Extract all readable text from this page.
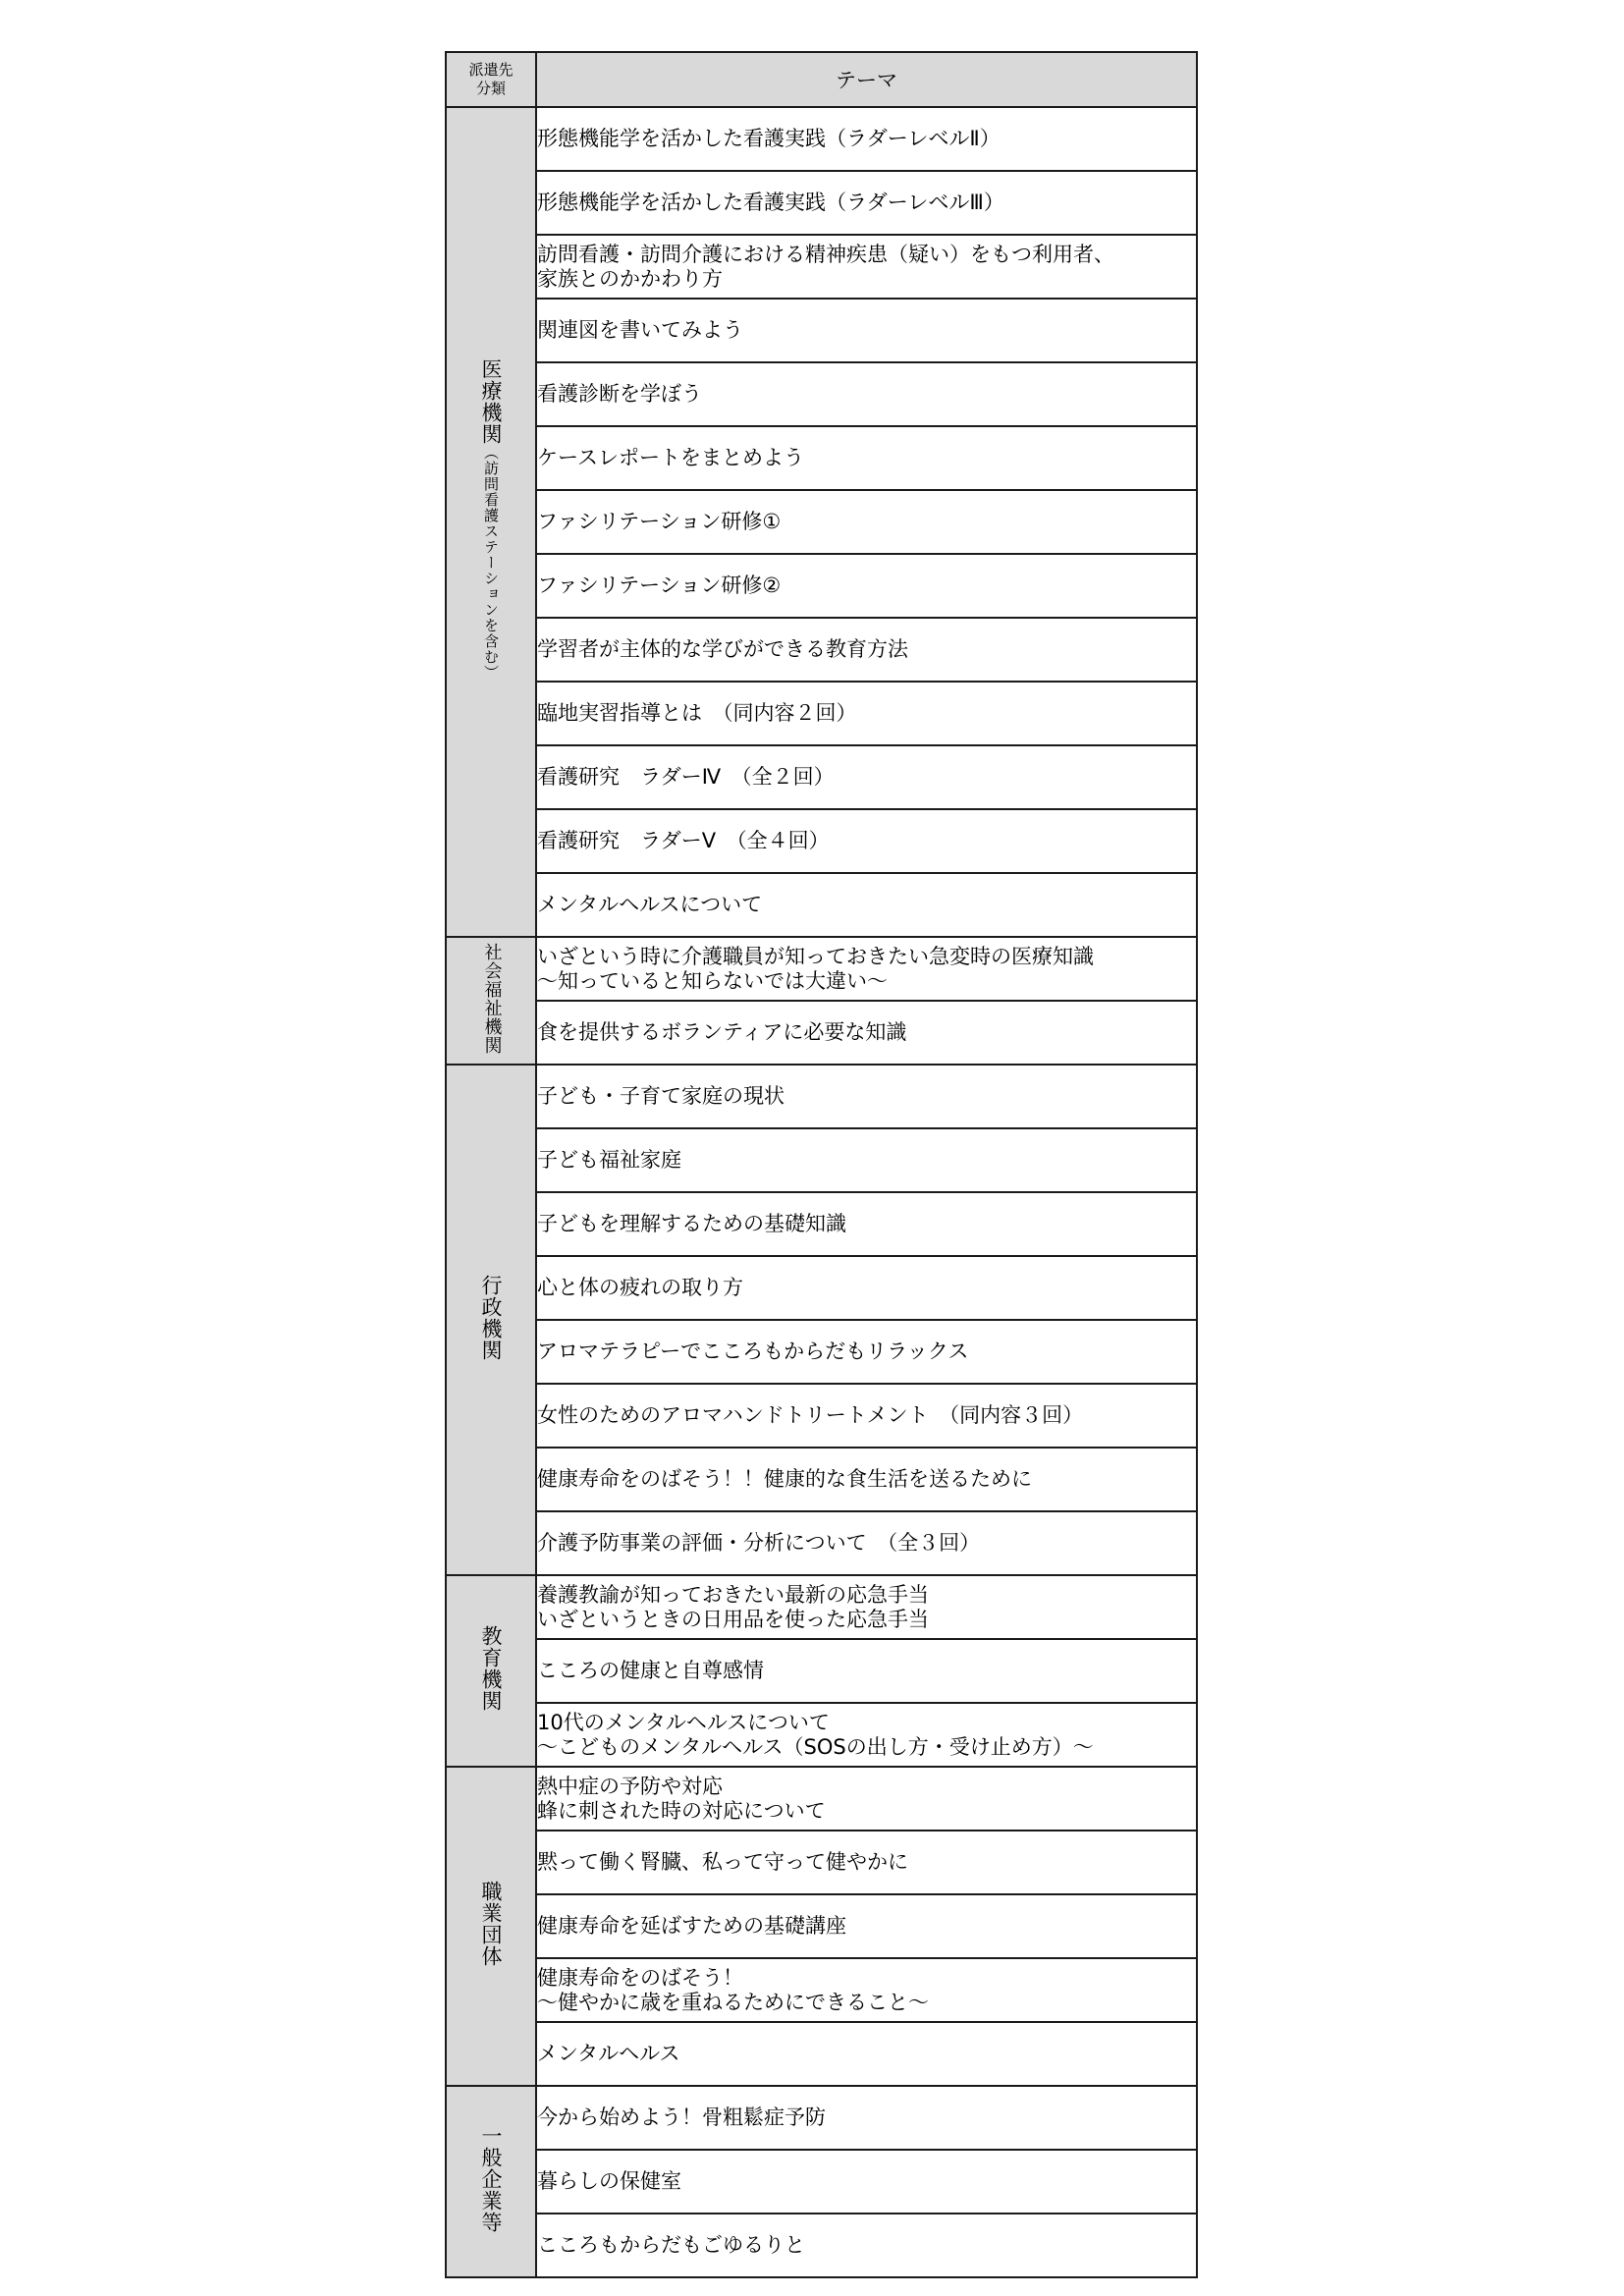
派遣先
分類	テーマ
医療機関（訪問看護ステーションを含む）	形態機能学を活かした看護実践（ラダーレベルⅡ）
	形態機能学を活かした看護実践（ラダーレベルⅢ）
	訪問看護・訪問介護における精神疾患（疑い）をもつ利用者、
家族とのかかわり方
	関連図を書いてみよう
	看護診断を学ぼう
	ケースレポートをまとめよう
	ファシリテーション研修①
	ファシリテーション研修②
	学習者が主体的な学びができる教育方法
	臨地実習指導とは　（同内容２回）
	看護研究　ラダーⅣ　（全２回）
	看護研究　ラダーⅤ　（全４回）
	メンタルヘルスについて
社会福祉機関	いざという時に介護職員が知っておきたい急変時の医療知識
～知っていると知らないでは大違い～
	食を提供するボランティアに必要な知識
行政機関	子ども・子育て家庭の現状
	子ども福祉家庭
	子どもを理解するための基礎知識
	心と体の疲れの取り方
	アロマテラピーでこころもからだもリラックス
	女性のためのアロマハンドトリートメント　（同内容３回）
	健康寿命をのばそう！！健康的な食生活を送るために
	介護予防事業の評価・分析について　（全３回）
教育機関	養護教諭が知っておきたい最新の応急手当
いざというときの日用品を使った応急手当
	こころの健康と自尊感情
	10代のメンタルヘルスについて
～こどものメンタルヘルス（SOSの出し方・受け止め方）～
職業団体	熱中症の予防や対応
蜂に刺された時の対応について
	黙って働く腎臓、私って守って健やかに
	健康寿命を延ばすための基礎講座
	健康寿命をのばそう！
～健やかに歳を重ねるためにできること～
	メンタルヘルス
一般企業等	今から始めよう！骨粗鬆症予防
	暮らしの保健室
	こころもからだもごゆるりと
